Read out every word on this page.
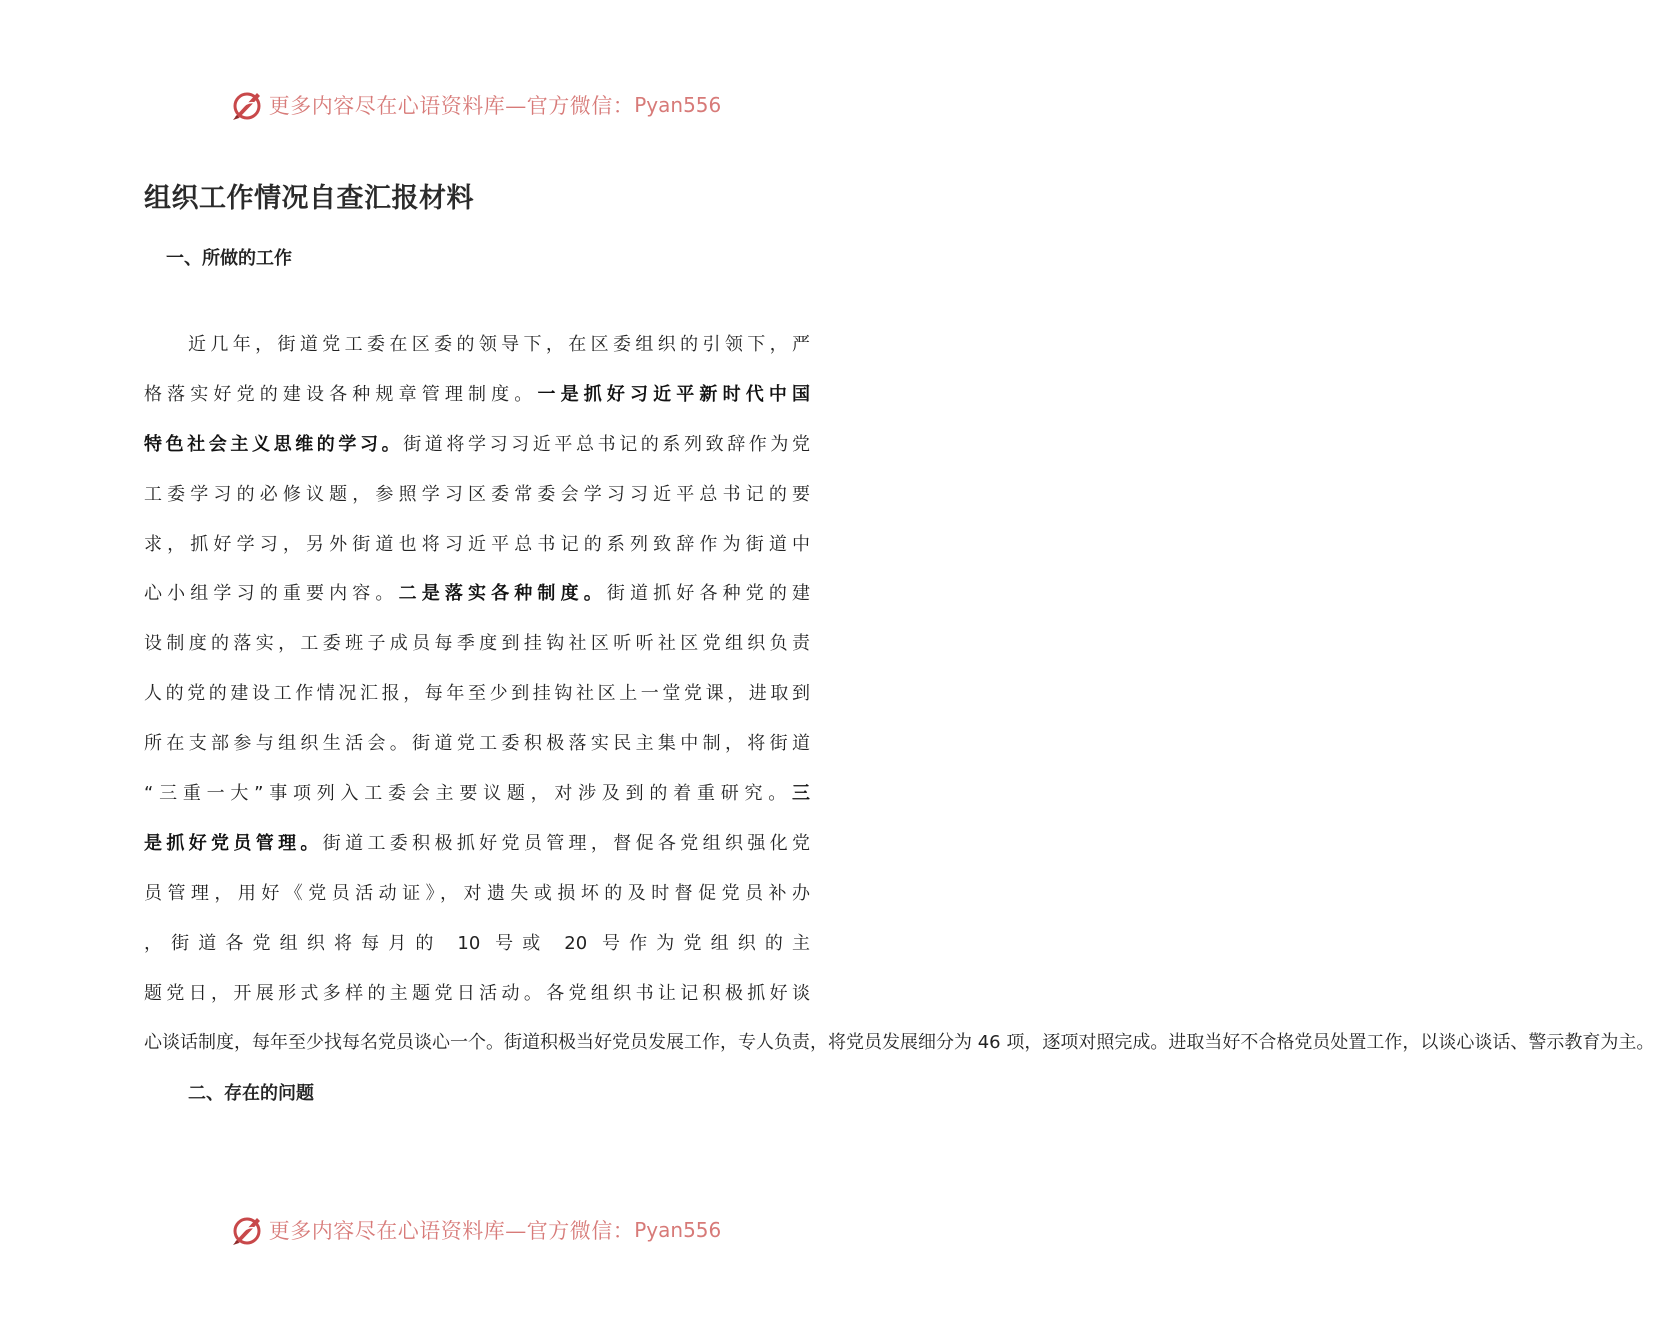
更多内容尽在心语资料库—官方微信： Pyan556
组织工作情况自查汇报材料
一、所做的工作
近几年，街道党工委在区委的领导下，在区委组织的引领下，严
格落实好党的建设各种规章管理制度。一是抓好习近平新时代中国
特色社会主义思维的学习。街道将学习习近平总书记的系列致辞作为党
工委学习的必修议题，参照学习区委常委会学习习近平总书记的要
求，抓好学习，另外街道也将习近平总书记的系列致辞作为街道中
心小组学习的重要内容。二是落实各种制度。街道抓好各种党的建
设制度的落实，工委班子成员每季度到挂钩社区听听社区党组织负责
人的党的建设工作情况汇报，每年至少到挂钩社区上一堂党课，进取到
所在支部参与组织生活会。街道党工委积极落实民主集中制，将街道
“三重一大”事项列入工委会主要议题，对涉及到的着重研究。三
是抓好党员管理。街道工委积极抓好党员管理，督促各党组织强化党
员管理，用好《党员活动证》，对遗失或损坏的及时督促党员补办
，街道各党组织将每月的 10 号或 20 号作为党组织的主
题党日，开展形式多样的主题党日活动。各党组织书让记积极抓好谈
心谈话制度，每年至少找每名党员谈心一个。街道积极当好党员发展工作，专人负责，将党员发展细分为 46 项，逐项对照完成。进取当好不合格党员处置工作，以谈心谈话、警示教育为主。
二、存在的问题
更多内容尽在心语资料库—官方微信： Pyan556
